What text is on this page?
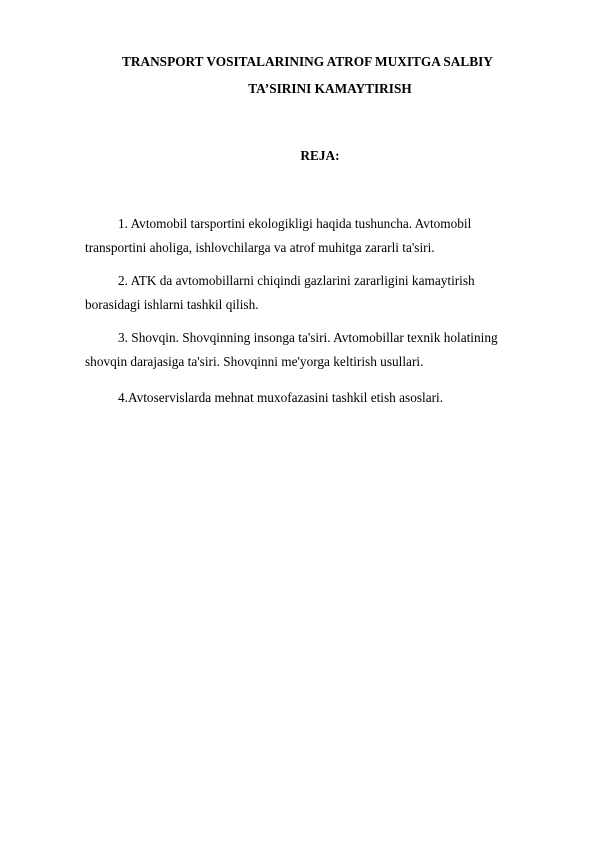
TRANSPORT VOSITALARINING ATROF MUXITGA SALBIY
TA’SIRINI KAMAYTIRISH
REJA:
1. Avtomobil tarsportini ekologikligi haqida tushuncha. Avtomobil
transportini aholiga, ishlovchilarga va atrof muhitga zararli ta'siri.
2. ATK da avtomobillarni chiqindi gazlarini zararligini kamaytirish
borasidagi ishlarni tashkil qilish.
3. Shovqin. Shovqinning insonga ta'siri. Avtomobillar texnik holatining
shovqin darajasiga ta'siri. Shovqinni me'yorga keltirish usullari.
4.Avtoservislarda mehnat muxofazasini tashkil etish asoslari.
